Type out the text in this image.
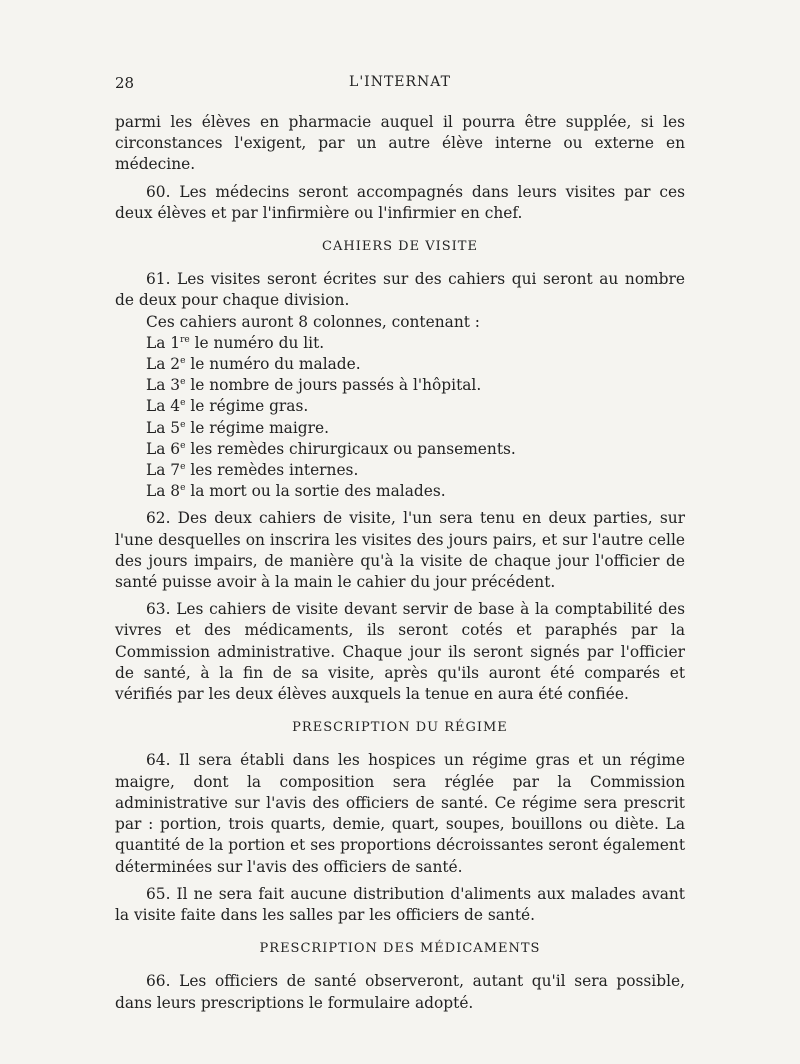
28	L'INTERNAT

parmi les élèves en pharmacie auquel il pourra être supplée, si les circonstances l'exigent, par un autre élève interne ou externe en médecine.

60. Les médecins seront accompagnés dans leurs visites par ces deux élèves et par l'infirmière ou l'infirmier en chef.

CAHIERS DE VISITE

61. Les visites seront écrites sur des cahiers qui seront au nombre de deux pour chaque division.

Ces cahiers auront 8 colonnes, contenant :
La 1re le numéro du lit.
La 2e le numéro du malade.
La 3e le nombre de jours passés à l'hôpital.
La 4e le régime gras.
La 5e le régime maigre.
La 6e les remèdes chirurgicaux ou pansements.
La 7e les remèdes internes.
La 8e la mort ou la sortie des malades.

62. Des deux cahiers de visite, l'un sera tenu en deux parties, sur l'une desquelles on inscrira les visites des jours pairs, et sur l'autre celle des jours impairs, de manière qu'à la visite de chaque jour l'officier de santé puisse avoir à la main le cahier du jour précédent.

63. Les cahiers de visite devant servir de base à la comptabilité des vivres et des médicaments, ils seront cotés et paraphés par la Commission administrative. Chaque jour ils seront signés par l'officier de santé, à la fin de sa visite, après qu'ils auront été comparés et vérifiés par les deux élèves auxquels la tenue en aura été confiée.

PRESCRIPTION DU RÉGIME

64. Il sera établi dans les hospices un régime gras et un régime maigre, dont la composition sera réglée par la Commission administrative sur l'avis des officiers de santé. Ce régime sera prescrit par : portion, trois quarts, demie, quart, soupes, bouillons ou diète. La quantité de la portion et ses proportions décroissantes seront également déterminées sur l'avis des officiers de santé.

65. Il ne sera fait aucune distribution d'aliments aux malades avant la visite faite dans les salles par les officiers de santé.

PRESCRIPTION DES MÉDICAMENTS

66. Les officiers de santé observeront, autant qu'il sera possible, dans leurs prescriptions le formulaire adopté.
